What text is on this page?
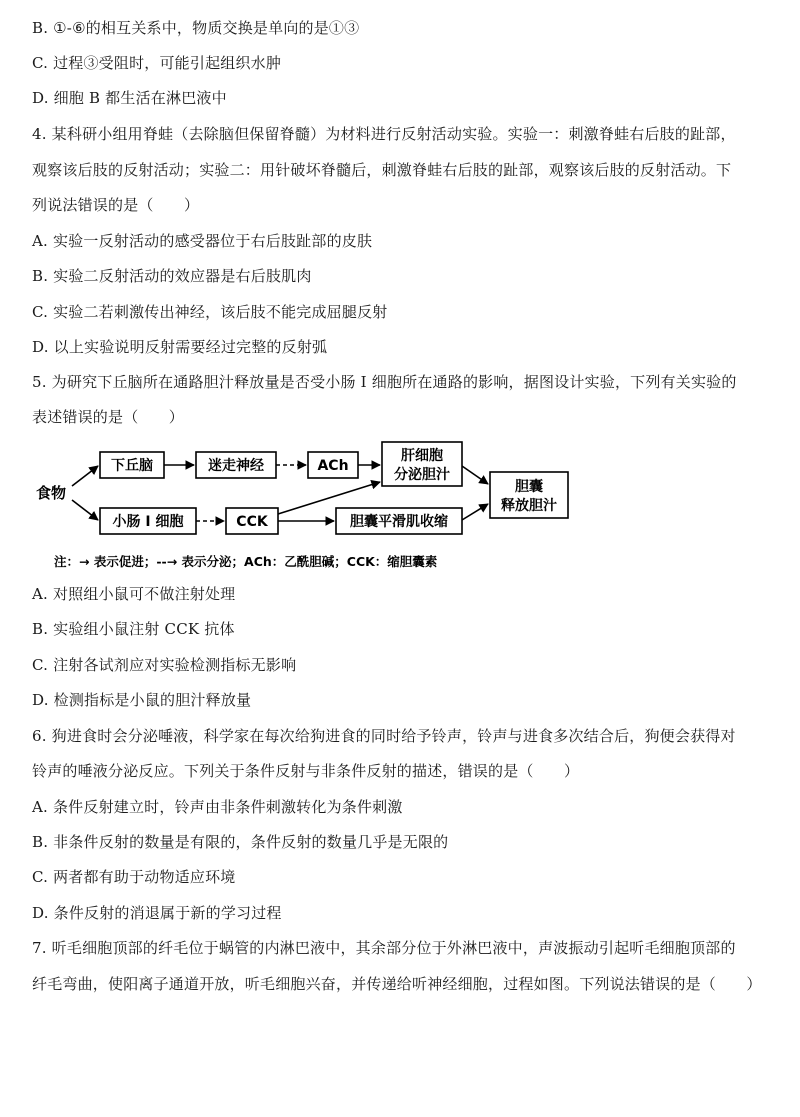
B. ①-⑥的相互关系中，物质交换是单向的是①③
C. 过程③受阻时，可能引起组织水肿
D. 细胞 B 都生活在淋巴液中
4. 某科研小组用脊蛙（去除脑但保留脊髓）为材料进行反射活动实验。实验一：刺激脊蛙右后肢的趾部，
观察该后肢的反射活动；实验二：用针破坏脊髓后，刺激脊蛙右后肢的趾部，观察该后肢的反射活动。下
列说法错误的是（　　）
A. 实验一反射活动的感受器位于右后肢趾部的皮肤
B. 实验二反射活动的效应器是右后肢肌肉
C. 实验二若刺激传出神经，该后肢不能完成屈腿反射
D. 以上实验说明反射需要经过完整的反射弧
5. 为研究下丘脑所在通路胆汁释放量是否受小肠 I 细胞所在通路的影响，据图设计实验，下列有关实验的
表述错误的是（　　）
食物
下丘脑	迷走神经	ACh
肝细胞
分泌胆汁
小肠 I 细胞	CCK	胆囊平滑肌收缩
胆囊
释放胆汁
注：→ 表示促进；--→ 表示分泌；ACh：乙酰胆碱；CCK：缩胆囊素
A. 对照组小鼠可不做注射处理
B. 实验组小鼠注射 CCK 抗体
C. 注射各试剂应对实验检测指标无影响
D. 检测指标是小鼠的胆汁释放量
6. 狗进食时会分泌唾液，科学家在每次给狗进食的同时给予铃声，铃声与进食多次结合后，狗便会获得对
铃声的唾液分泌反应。下列关于条件反射与非条件反射的描述，错误的是（　　）
A. 条件反射建立时，铃声由非条件刺激转化为条件刺激
B. 非条件反射的数量是有限的，条件反射的数量几乎是无限的
C. 两者都有助于动物适应环境
D. 条件反射的消退属于新的学习过程
7. 听毛细胞顶部的纤毛位于蜗管的内淋巴液中，其余部分位于外淋巴液中，声波振动引起听毛细胞顶部的
纤毛弯曲，使阳离子通道开放，听毛细胞兴奋，并传递给听神经细胞，过程如图。下列说法错误的是（　　）
